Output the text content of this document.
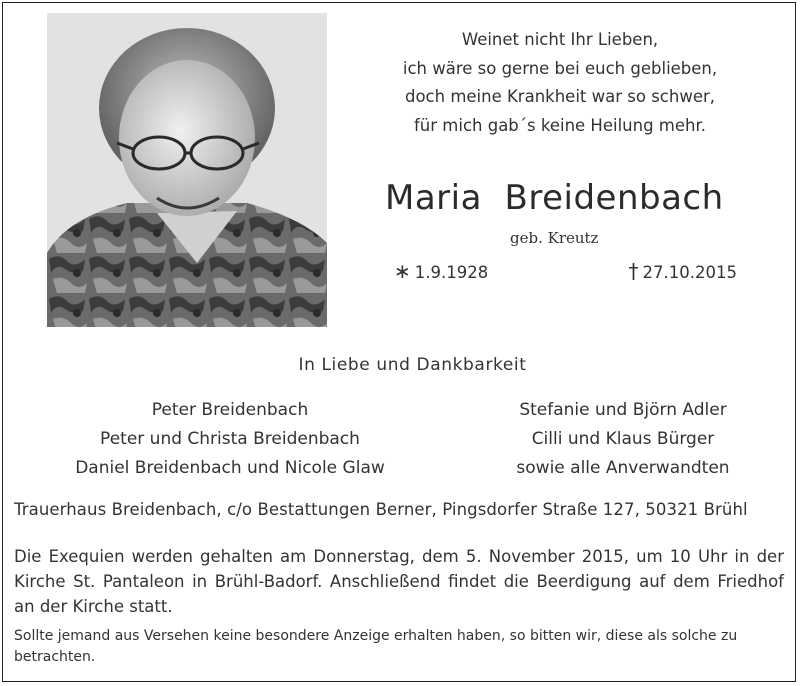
Weinet nicht Ihr Lieben,
ich wäre so gerne bei euch geblieben,
doch meine Krankheit war so schwer,
für mich gab´s keine Heilung mehr.
Maria  Breidenbach
geb. Kreutz
∗ 1.9.1928	† 27.10.2015
In Liebe und Dankbarkeit
Peter Breidenbach
Peter und Christa Breidenbach
Daniel Breidenbach und Nicole Glaw
Stefanie und Björn Adler
Cilli und Klaus Bürger
sowie alle Anverwandten
Trauerhaus Breidenbach, c/o Bestattungen Berner, Pingsdorfer Straße 127, 50321 Brühl
Die Exequien werden gehalten am Donnerstag, dem 5. November 2015, um 10 Uhr in der Kirche St. Pantaleon in Brühl-Badorf. Anschließend findet die Beerdigung auf dem Friedhof an der Kirche statt.
Sollte jemand aus Versehen keine besondere Anzeige erhalten haben, so bitten wir, diese als solche zu betrachten.
